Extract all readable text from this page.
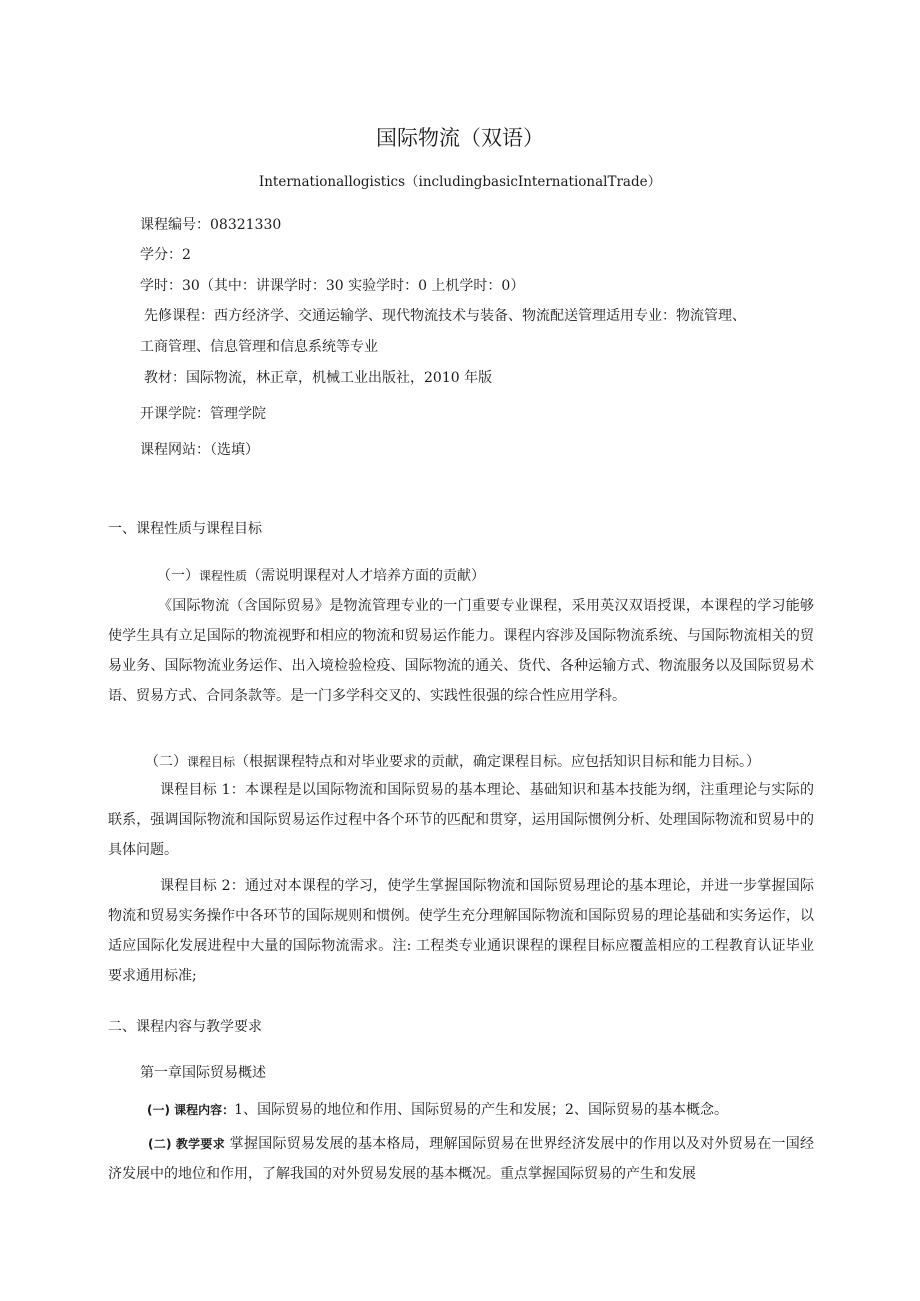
国际物流（双语）
Internationallogistics（includingbasicInternationalTrade）
课程编号：08321330
学分：2
学时：30（其中：讲课学时：30 实验学时：0 上机学时：0）
先修课程：西方经济学、交通运输学、现代物流技术与装备、物流配送管理适用专业：物流管理、
工商管理、信息管理和信息系统等专业
教材：国际物流，林正章，机械工业出版社，2010 年版
开课学院：管理学院
课程网站：（选填）
一、课程性质与课程目标
（一）课程性质（需说明课程对人才培养方面的贡献）
《国际物流（含国际贸易》是物流管理专业的一门重要专业课程，采用英汉双语授课，本课程的学习能够使学生具有立足国际的物流视野和相应的物流和贸易运作能力。课程内容涉及国际物流系统、与国际物流相关的贸易业务、国际物流业务运作、出入境检验检疫、国际物流的通关、货代、各种运输方式、物流服务以及国际贸易术语、贸易方式、合同条款等。是一门多学科交叉的、实践性很强的综合性应用学科。
（二）课程目标（根据课程特点和对毕业要求的贡献，确定课程目标。应包括知识目标和能力目标。）
课程目标 1：本课程是以国际物流和国际贸易的基本理论、基础知识和基本技能为纲，注重理论与实际的联系，强调国际物流和国际贸易运作过程中各个环节的匹配和贯穿，运用国际惯例分析、处理国际物流和贸易中的具体问题。
课程目标 2：通过对本课程的学习，使学生掌握国际物流和国际贸易理论的基本理论，并进一步掌握国际物流和贸易实务操作中各环节的国际规则和惯例。使学生充分理解国际物流和国际贸易的理论基础和实务运作，以适应国际化发展进程中大量的国际物流需求。注: 工程类专业通识课程的课程目标应覆盖相应的工程教育认证毕业要求通用标准;
二、课程内容与教学要求
第一章国际贸易概述
(一) 课程内容：1、国际贸易的地位和作用、国际贸易的产生和发展；2、国际贸易的基本概念。
(二) 教学要求 掌握国际贸易发展的基本格局，理解国际贸易在世界经济发展中的作用以及对外贸易在一国经济发展中的地位和作用，了解我国的对外贸易发展的基本概况。重点掌握国际贸易的产生和发展
